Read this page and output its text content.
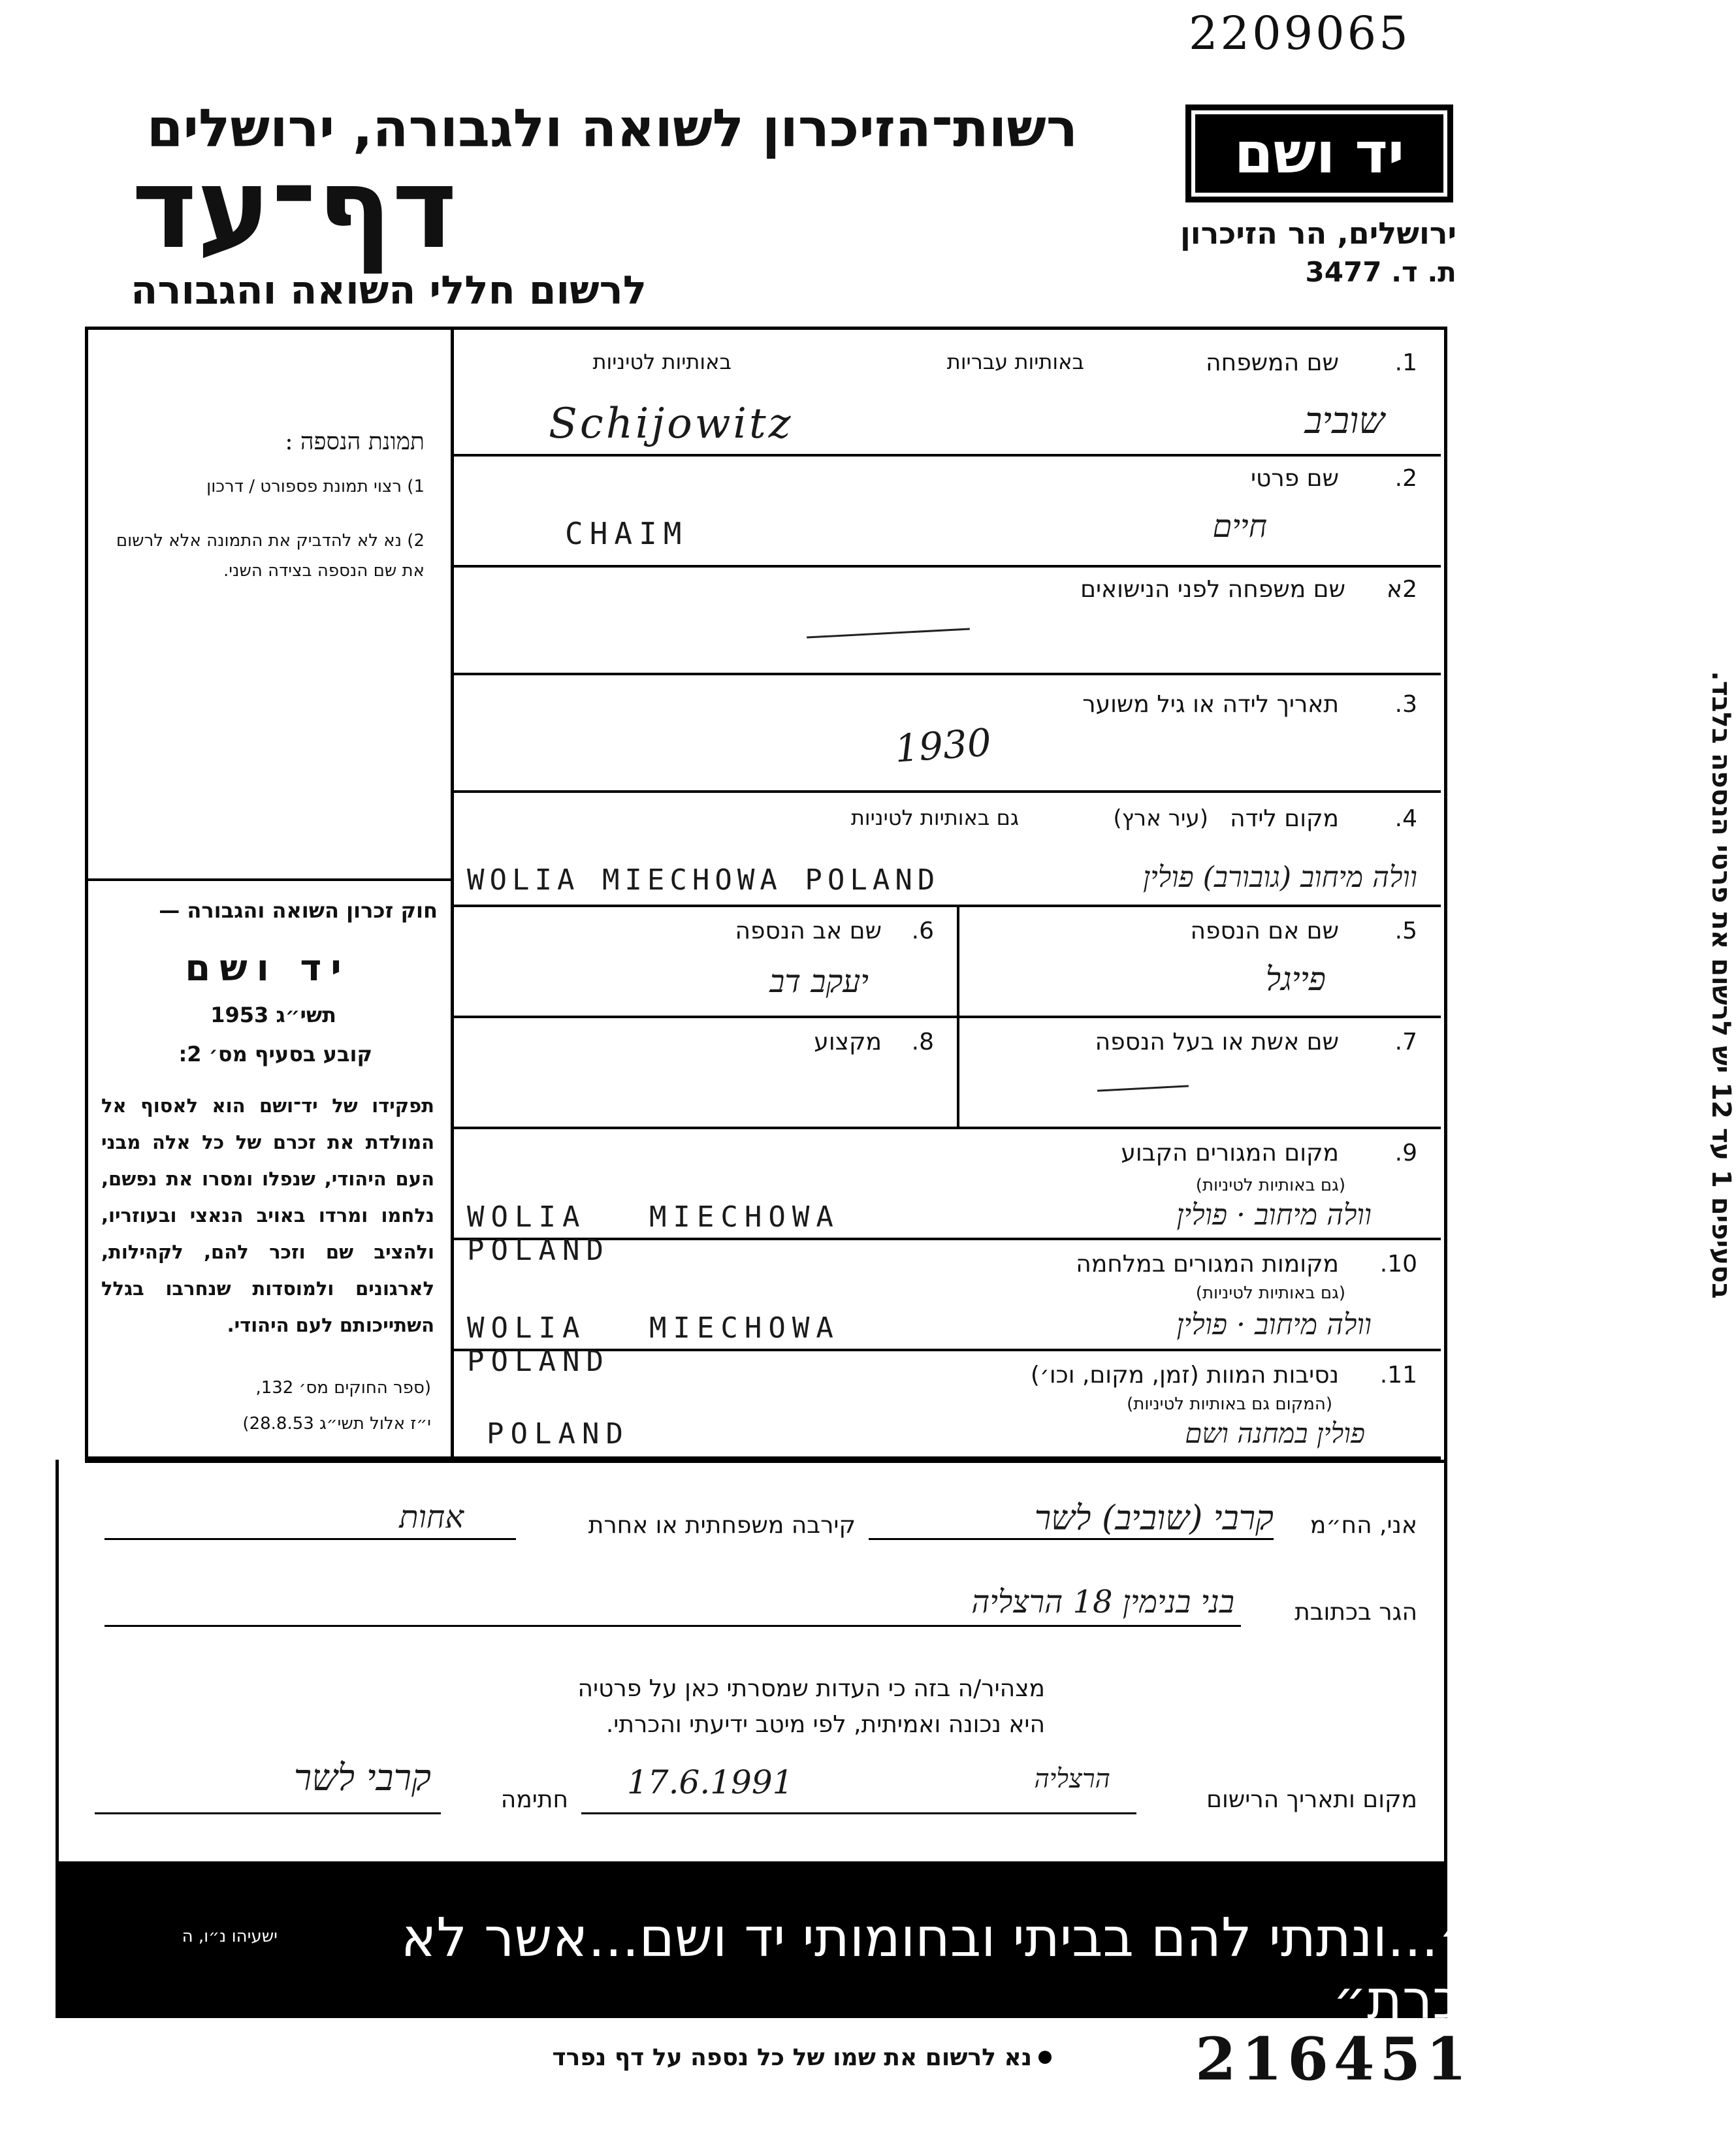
2209065
רשות־הזיכרון לשואה ולגבורה, ירושלים
דף־עד
לרשום חללי השואה והגבורה
יד ושם
ירושלים, הר הזיכרון
ת. ד. 3477
תמונת הנספה :
1) רצוי תמונת פספורט / דרכון
2) נא לא להדביק את התמונה אלא לרשום את שם הנספה בצידה השני.
חוק זכרון השואה והגבורה —
יד ושם
תשי״ג 1953
קובע בסעיף מס׳ 2:
תפקידו של יד־ושם הוא לאסוף אל המולדת את זכרם של כל אלה מבני העם היהודי, שנפלו ומסרו את נפשם, נלחמו ומרדו באויב הנאצי ובעוזריו, ולהציב שם וזכר להם, לקהילות, לארגונים ולמוסדות שנחרבו בגלל השתייכותם לעם היהודי.
(ספר החוקים מס׳ 132,
י״ז אלול תשי״ג 28.8.53)
בסעיפים 1 עד 12 יש לרשום את פרטי הנספה בלבד.
1.
שם המשפחה
באותיות עבריות
באותיות לטיניות
שוביב
Schijowitz
2.
שם פרטי
חיים
CHAIM
2א
שם משפחה לפני הנישואים
3.
תאריך לידה או גיל משוער
1930
4.
מקום לידה
(עיר ארץ)
גם באותיות לטיניות
וולה מיחוב (גובורב) פולין
WOLIA MIECHOWA POLAND
5.
שם אם הנספה
פייגל
6.
שם אב הנספה
יעקב דב
7.
שם אשת או בעל הנספה
8.
מקצוע
9.
מקום המגורים הקבוע
(גם באותיות לטיניות)
וולה מיחוב · פולין
WOLIA MIECHOWA POLAND	10.
מקומות המגורים במלחמה
(גם באותיות לטיניות)
וולה מיחוב · פולין
WOLIA MIECHOWA POLAND	11.
נסיבות המוות (זמן, מקום, וכו׳)
(המקום גם באותיות לטיניות)
פולין במחנה ושם
POLAND
אני, הח״מ
קרבי (שוביב) לשר
קירבה משפחתית או אחרת
אחות
הגר בכתובת
בני בנימין 18 הרצליה
מצהיר/ה בזה כי העדות שמסרתי כאן על פרטיה
היא נכונה ואמיתית, לפי מיטב ידיעתי והכרתי.
מקום ותאריך הרישום
הרצליה
17.6.1991
חתימה
קרבי לשר
״...ונתתי להם בביתי ובחומותי יד ושם...אשר לא יכרת״
ישעיהו נ״ו, ה
נא לרשום את שמו של כל נספה על דף נפרד	216451
